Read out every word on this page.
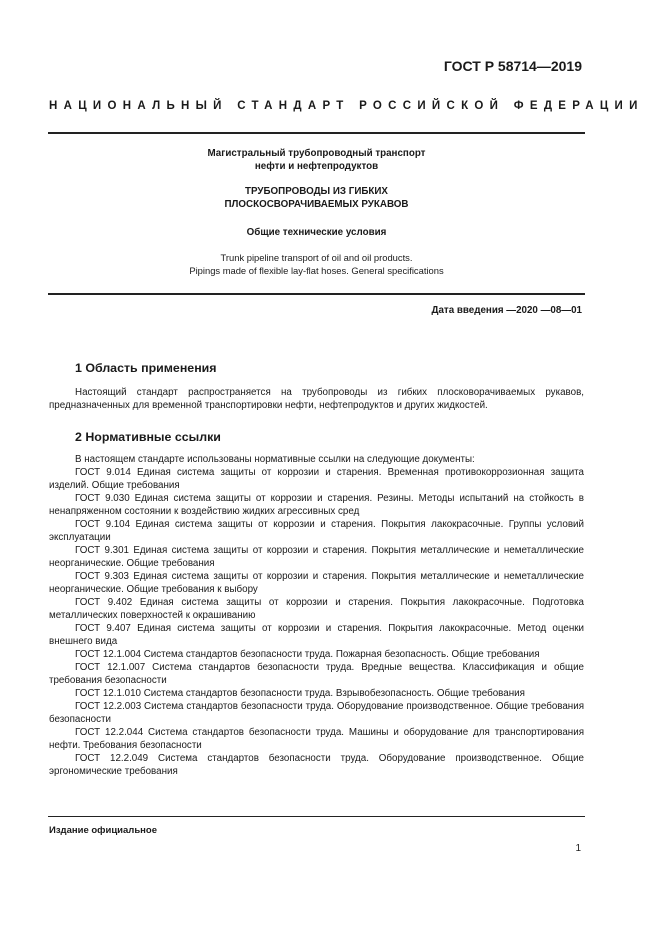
ГОСТ Р 58714—2019
НАЦИОНАЛЬНЫЙ СТАНДАРТ РОССИЙСКОЙ ФЕДЕРАЦИИ
Магистральный трубопроводный транспорт
нефти и нефтепродуктов
ТРУБОПРОВОДЫ ИЗ ГИБКИХ
ПЛОСКОСВОРАЧИВАЕМЫХ РУКАВОВ
Общие технические условия
Trunk pipeline transport of oil and oil products.
Pipings made of flexible lay-flat hoses. General specifications
Дата введения —2020 —08—01
1 Область применения

Настоящий стандарт распространяется на трубопроводы из гибких плосковорачиваемых рукавов, предназначенных для временной транспортировки нефти, нефтепродуктов и других жидкостей.

2 Нормативные ссылки

В настоящем стандарте использованы нормативные ссылки на следующие документы:

ГОСТ 9.014 Единая система защиты от коррозии и старения. Временная противокоррозионная защита изделий. Общие требования

ГОСТ 9.030 Единая система защиты от коррозии и старения. Резины. Методы испытаний на стойкость в ненапряженном состоянии к воздействию жидких агрессивных сред

ГОСТ 9.104 Единая система защиты от коррозии и старения. Покрытия лакокрасочные. Группы условий эксплуатации

ГОСТ 9.301 Единая система защиты от коррозии и старения. Покрытия металлические и неметаллические неорганические. Общие требования

ГОСТ 9.303 Единая система защиты от коррозии и старения. Покрытия металлические и неметаллические неорганические. Общие требования к выбору

ГОСТ 9.402 Единая система защиты от коррозии и старения. Покрытия лакокрасочные. Подготовка металлических поверхностей к окрашиванию

ГОСТ 9.407 Единая система защиты от коррозии и старения. Покрытия лакокрасочные. Метод оценки внешнего вида

ГОСТ 12.1.004 Система стандартов безопасности труда. Пожарная безопасность. Общие требования

ГОСТ 12.1.007 Система стандартов безопасности труда. Вредные вещества. Классификация и общие требования безопасности

ГОСТ 12.1.010 Система стандартов безопасности труда. Взрывобезопасность. Общие требования

ГОСТ 12.2.003 Система стандартов безопасности труда. Оборудование производственное. Общие требования безопасности

ГОСТ 12.2.044 Система стандартов безопасности труда. Машины и оборудование для транспортирования нефти. Требования безопасности

ГОСТ 12.2.049 Система стандартов безопасности труда. Оборудование производственное. Общие эргономические требования

Издание официальное
1
